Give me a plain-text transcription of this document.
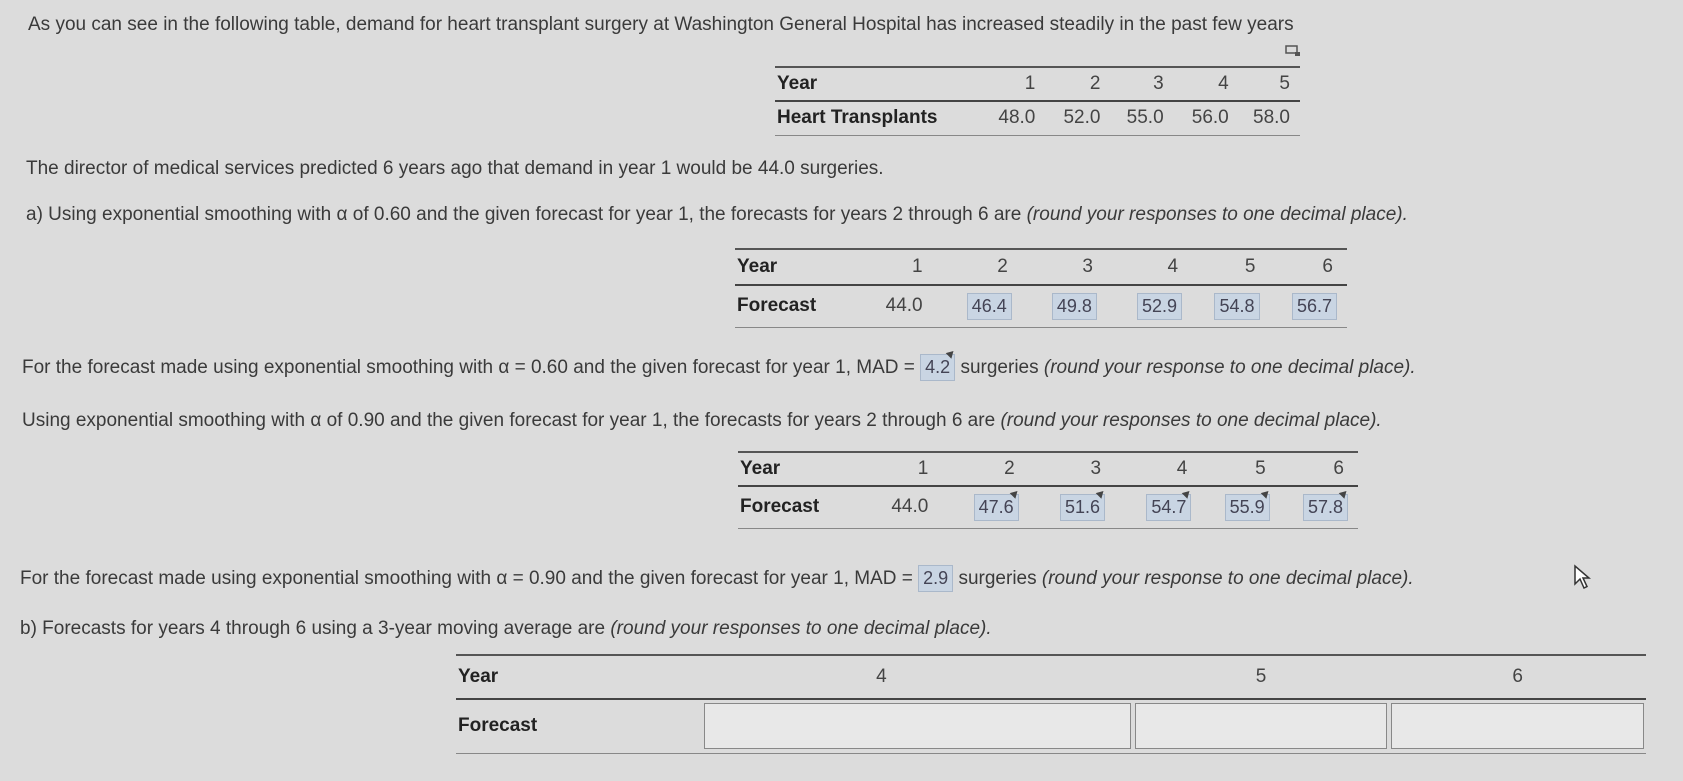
As you can see in the following table, demand for heart transplant surgery at Washington General Hospital has increased steadily in the past few years
Year	1	2	3	4	5
Heart Transplants	48.0	52.0	55.0	56.0	58.0
The director of medical services predicted 6 years ago that demand in year 1 would be 44.0 surgeries.
a) Using exponential smoothing with α of 0.60 and the given forecast for year 1, the forecasts for years 2 through 6 are (round your responses to one decimal place).
Year	1	2	3	4	5	6
Forecast	44.0	46.4	49.8	52.9	54.8	56.7
For the forecast made using exponential smoothing with α = 0.60 and the given forecast for year 1, MAD = 4.2 surgeries (round your response to one decimal place).
Using exponential smoothing with α of 0.90 and the given forecast for year 1, the forecasts for years 2 through 6 are (round your responses to one decimal place).
Year	1	2	3	4	5	6
Forecast	44.0	47.6	51.6	54.7	55.9	57.8
For the forecast made using exponential smoothing with α = 0.90 and the given forecast for year 1, MAD = 2.9 surgeries (round your response to one decimal place).
b) Forecasts for years 4 through 6 using a 3-year moving average are (round your responses to one decimal place).
Year	4	5	6
Forecast	
